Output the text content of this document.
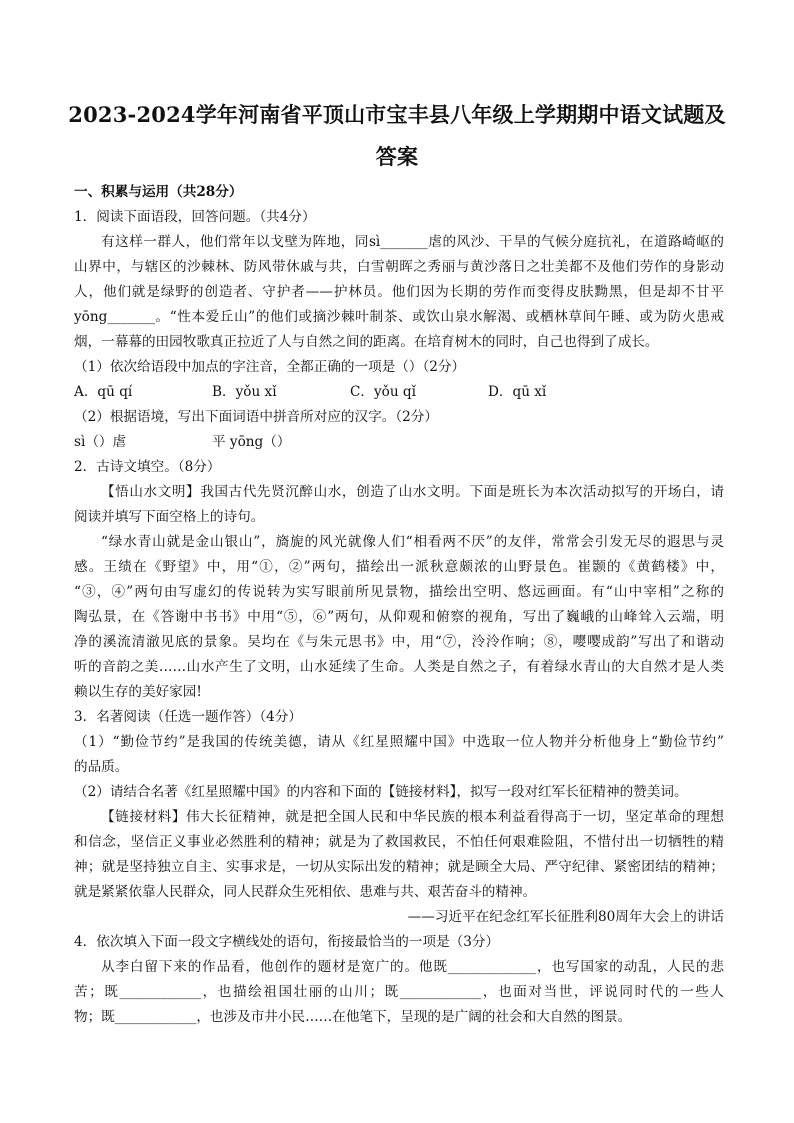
2023-2024学年河南省平顶山市宝丰县八年级上学期期中语文试题及
答案
一、积累与运用（共28分）
1．阅读下面语段，回答问题。（共4分）
有这样一群人，他们常年以戈壁为阵地，同sì_______虐的风沙、干旱的气候分庭抗礼，在道路崎岖的
山界中，与辖区的沙棘林、防风带休戚与共，白雪朝晖之秀丽与黄沙落日之壮美都不及他们劳作的身影动
人，他们就是绿野的创造者、守护者——护林员。他们因为长期的劳作而变得皮肤黝黑，但是却不甘平
yōng_______。“性本爱丘山”的他们或摘沙棘叶制茶、或饮山泉水解渴、或栖林草间午睡、或为防火患戒
烟，一幕幕的田园牧歌真正拉近了人与自然之间的距离。在培育树木的同时，自己也得到了成长。
（1）依次给语段中加点的字注音，全都正确的一项是（）（2分）
A．qū qí	B．yǒu xǐ	C．yǒu qǐ	D．qū xǐ
（2）根据语境，写出下面词语中拼音所对应的汉字。（2分）
sì（）虐	平 yōng（）
2．古诗文填空。（8分）
【悟山水文明】我国古代先贤沉醉山水，创造了山水文明。下面是班长为本次活动拟写的开场白，请
阅读并填写下面空格上的诗句。
“绿水青山就是金山银山”，旖旎的风光就像人们“相看两不厌”的友伴，常常会引发无尽的遐思与灵
感。王绩在《野望》中，用“①，②”两句，描绘出一派秋意颇浓的山野景色。崔颢的《黄鹤楼》中，
“③，④”两句由写虚幻的传说转为实写眼前所见景物，描绘出空明、悠远画面。有“山中宰相”之称的
陶弘景，在《答谢中书书》中用“⑤，⑥”两句，从仰观和俯察的视角，写出了巍峨的山峰耸入云端，明
净的溪流清澈见底的景象。吴均在《与朱元思书》中，用“⑦，泠泠作响；⑧，嘤嘤成韵”写出了和谐动
听的音韵之美……山水产生了文明，山水延续了生命。人类是自然之子，有着绿水青山的大自然才是人类
赖以生存的美好家园!
3．名著阅读（任选一题作答）（4分）
（1）“勤俭节约”是我国的传统美德，请从《红星照耀中国》中选取一位人物并分析他身上“勤俭节约”
的品质。
（2）请结合名著《红星照耀中国》的内容和下面的【链接材料】，拟写一段对红军长征精神的赞美词。
【链接材料】伟大长征精神，就是把全国人民和中华民族的根本利益看得高于一切，坚定革命的理想
和信念，坚信正义事业必然胜利的精神；就是为了救国救民，不怕任何艰难险阻，不惜付出一切牺牲的精
神；就是坚持独立自主、实事求是，一切从实际出发的精神；就是顾全大局、严守纪律、紧密团结的精神；
就是紧紧依靠人民群众，同人民群众生死相依、患难与共、艰苦奋斗的精神。
——习近平在纪念红军长征胜利80周年大会上的讲话
4．依次填入下面一段文字横线处的语句，衔接最恰当的一项是（3分）
从李白留下来的作品看，他创作的题材是宽广的。他既_____________，也写国家的动乱，人民的悲
苦；既____________，也描绘祖国壮丽的山川；既____________，也面对当世，评说同时代的一些人
物；既____________，也涉及市井小民……在他笔下，呈现的是广阔的社会和大自然的图景。
